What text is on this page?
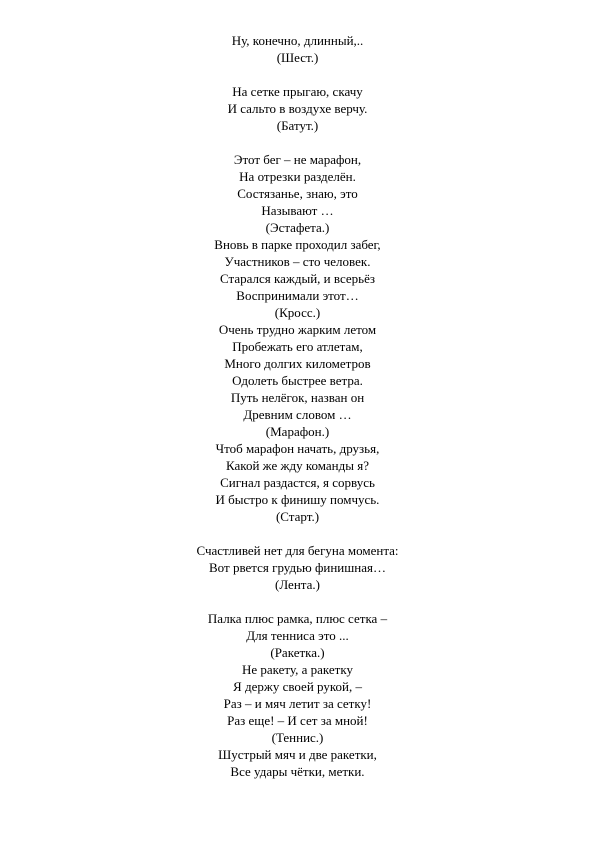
Ну, конечно, длинный,..
(Шест.)
На сетке прыгаю, скачу
И сальто в воздухе верчу.
(Батут.)
Этот бег – не марафон,
На отрезки разделён.
Состязанье, знаю, это
Называют …
(Эстафета.)
Вновь в парке проходил забег,
Участников – сто человек.
Старался каждый, и всерьёз
Воспринимали этот…
(Кросс.)
Очень трудно жарким летом
Пробежать его атлетам,
Много долгих километров
Одолеть быстрее ветра.
Путь нелёгок, назван он
Древним словом …
(Марафон.)
Чтоб марафон начать, друзья,
Какой же жду команды я?
Сигнал раздастся, я сорвусь
И быстро к финишу помчусь.
(Старт.)
Счастливей нет для бегуна момента:
Вот рвется грудью финишная…
(Лента.)
Палка плюс рамка, плюс сетка –
Для тенниса это ...
(Ракетка.)
Не ракету, а ракетку
Я держу своей рукой, –
Раз – и мяч летит за сетку!
Раз еще! – И сет за мной!
(Теннис.)
Шустрый мяч и две ракетки,
Все удары чётки, метки.
